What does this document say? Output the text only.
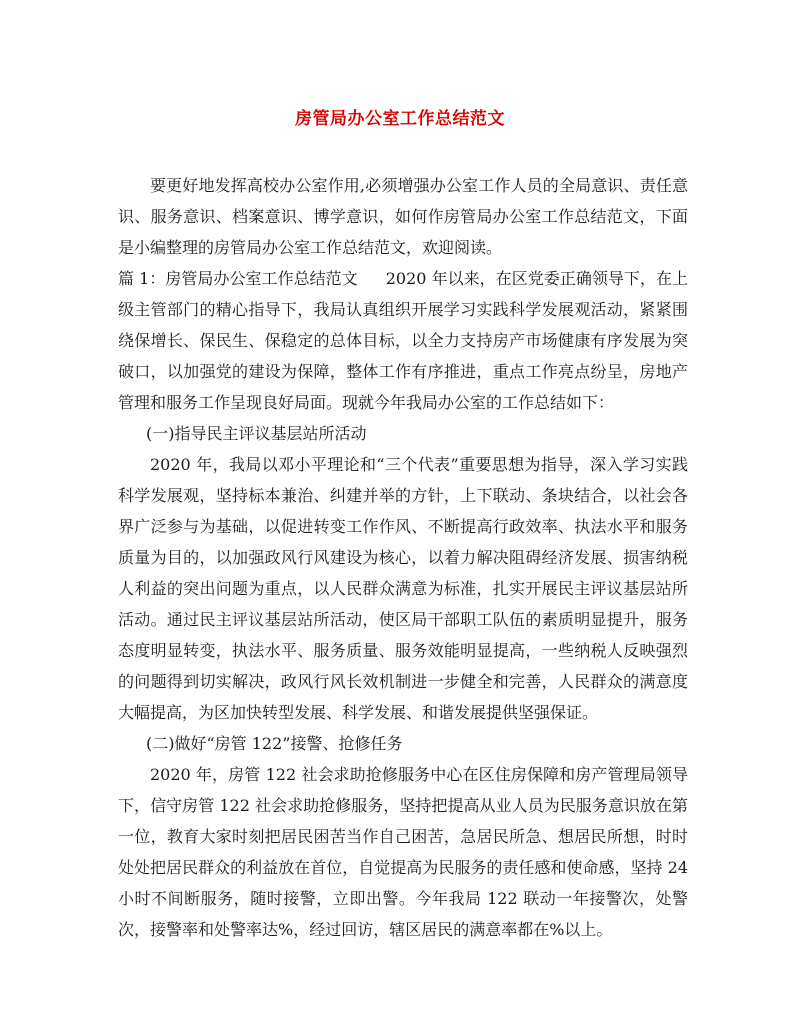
房管局办公室工作总结范文

要更好地发挥高校办公室作用,必须增强办公室工作人员的全局意识、责任意识、服务意识、档案意识、博学意识，如何作房管局办公室工作总结范文，下面是小编整理的房管局办公室工作总结范文，欢迎阅读。

篇 1：房管局办公室工作总结范文 2020 年以来，在区党委正确领导下，在上级主管部门的精心指导下，我局认真组织开展学习实践科学发展观活动，紧紧围绕保增长、保民生、保稳定的总体目标，以全力支持房产市场健康有序发展为突破口，以加强党的建设为保障，整体工作有序推进，重点工作亮点纷呈，房地产管理和服务工作呈现良好局面。现就今年我局办公室的工作总结如下：

(一)指导民主评议基层站所活动

2020 年，我局以邓小平理论和“三个代表”重要思想为指导，深入学习实践科学发展观，坚持标本兼治、纠建并举的方针，上下联动、条块结合，以社会各界广泛参与为基础，以促进转变工作作风、不断提高行政效率、执法水平和服务质量为目的，以加强政风行风建设为核心，以着力解决阻碍经济发展、损害纳税人利益的突出问题为重点，以人民群众满意为标准，扎实开展民主评议基层站所活动。通过民主评议基层站所活动，使区局干部职工队伍的素质明显提升，服务态度明显转变，执法水平、服务质量、服务效能明显提高，一些纳税人反映强烈的问题得到切实解决，政风行风长效机制进一步健全和完善，人民群众的满意度大幅提高，为区加快转型发展、科学发展、和谐发展提供坚强保证。

(二)做好“房管 122”接警、抢修任务

2020 年，房管 122 社会求助抢修服务中心在区住房保障和房产管理局领导下，信守房管 122 社会求助抢修服务，坚持把提高从业人员为民服务意识放在第一位，教育大家时刻把居民困苦当作自己困苦，急居民所急、想居民所想，时时处处把居民群众的利益放在首位，自觉提高为民服务的责任感和使命感，坚持 24 小时不间断服务，随时接警，立即出警。今年我局 122 联动一年接警次，处警次，接警率和处警率达%，经过回访，辖区居民的满意率都在%以上。
